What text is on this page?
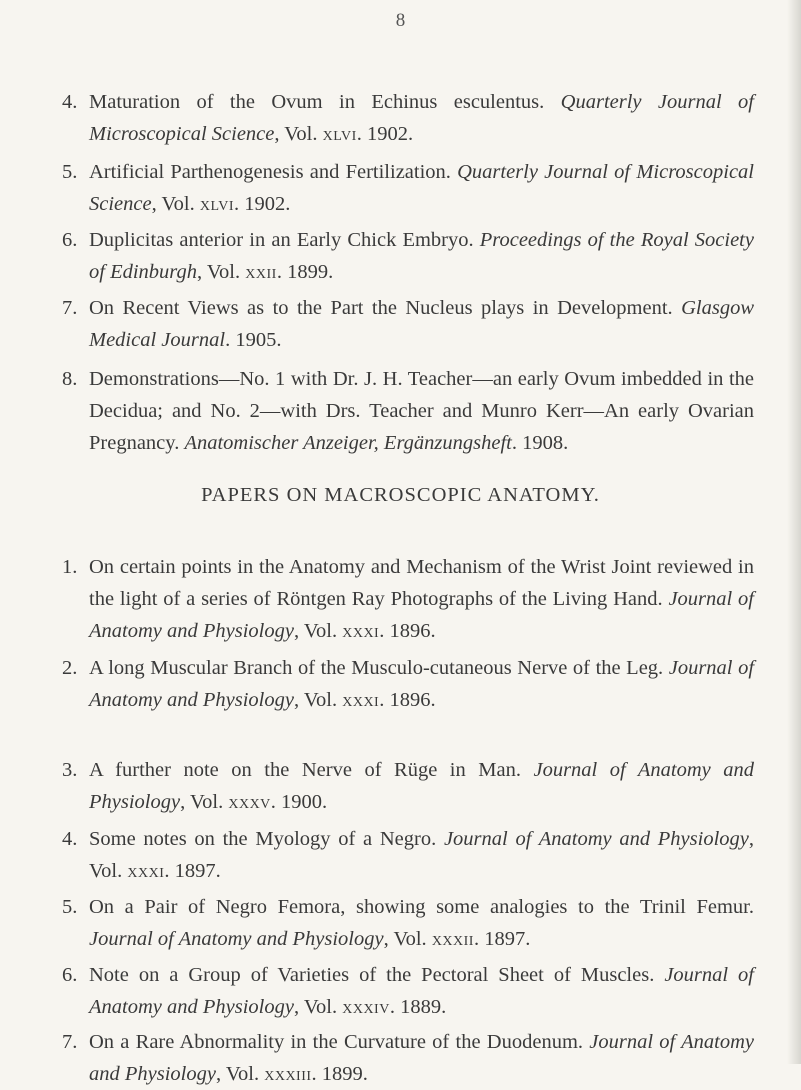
8
4. Maturation of the Ovum in Echinus esculentus. Quarterly Journal of Microscopical Science, Vol. xlvi. 1902.
5. Artificial Parthenogenesis and Fertilization. Quarterly Journal of Microscopical Science, Vol. xlvi. 1902.
6. Duplicitas anterior in an Early Chick Embryo. Proceedings of the Royal Society of Edinburgh, Vol. xxii. 1899.
7. On Recent Views as to the Part the Nucleus plays in Development. Glasgow Medical Journal. 1905.
8. Demonstrations—No. 1 with Dr. J. H. Teacher—an early Ovum imbedded in the Decidua; and No. 2—with Drs. Teacher and Munro Kerr—An early Ovarian Pregnancy. Anatomischer Anzeiger, Ergänzungsheft. 1908.
PAPERS ON MACROSCOPIC ANATOMY.
1. On certain points in the Anatomy and Mechanism of the Wrist Joint reviewed in the light of a series of Röntgen Ray Photographs of the Living Hand. Journal of Anatomy and Physiology, Vol. xxxi. 1896.
2. A long Muscular Branch of the Musculo-cutaneous Nerve of the Leg. Journal of Anatomy and Physiology, Vol. xxxi. 1896.
3. A further note on the Nerve of Rüge in Man. Journal of Anatomy and Physiology, Vol. xxxv. 1900.
4. Some notes on the Myology of a Negro. Journal of Anatomy and Physiology, Vol. xxxi. 1897.
5. On a Pair of Negro Femora, showing some analogies to the Trinil Femur. Journal of Anatomy and Physiology, Vol. xxxii. 1897.
6. Note on a Group of Varieties of the Pectoral Sheet of Muscles. Journal of Anatomy and Physiology, Vol. xxxiv. 1889.
7. On a Rare Abnormality in the Curvature of the Duodenum. Journal of Anatomy and Physiology, Vol. xxxiii. 1899.
